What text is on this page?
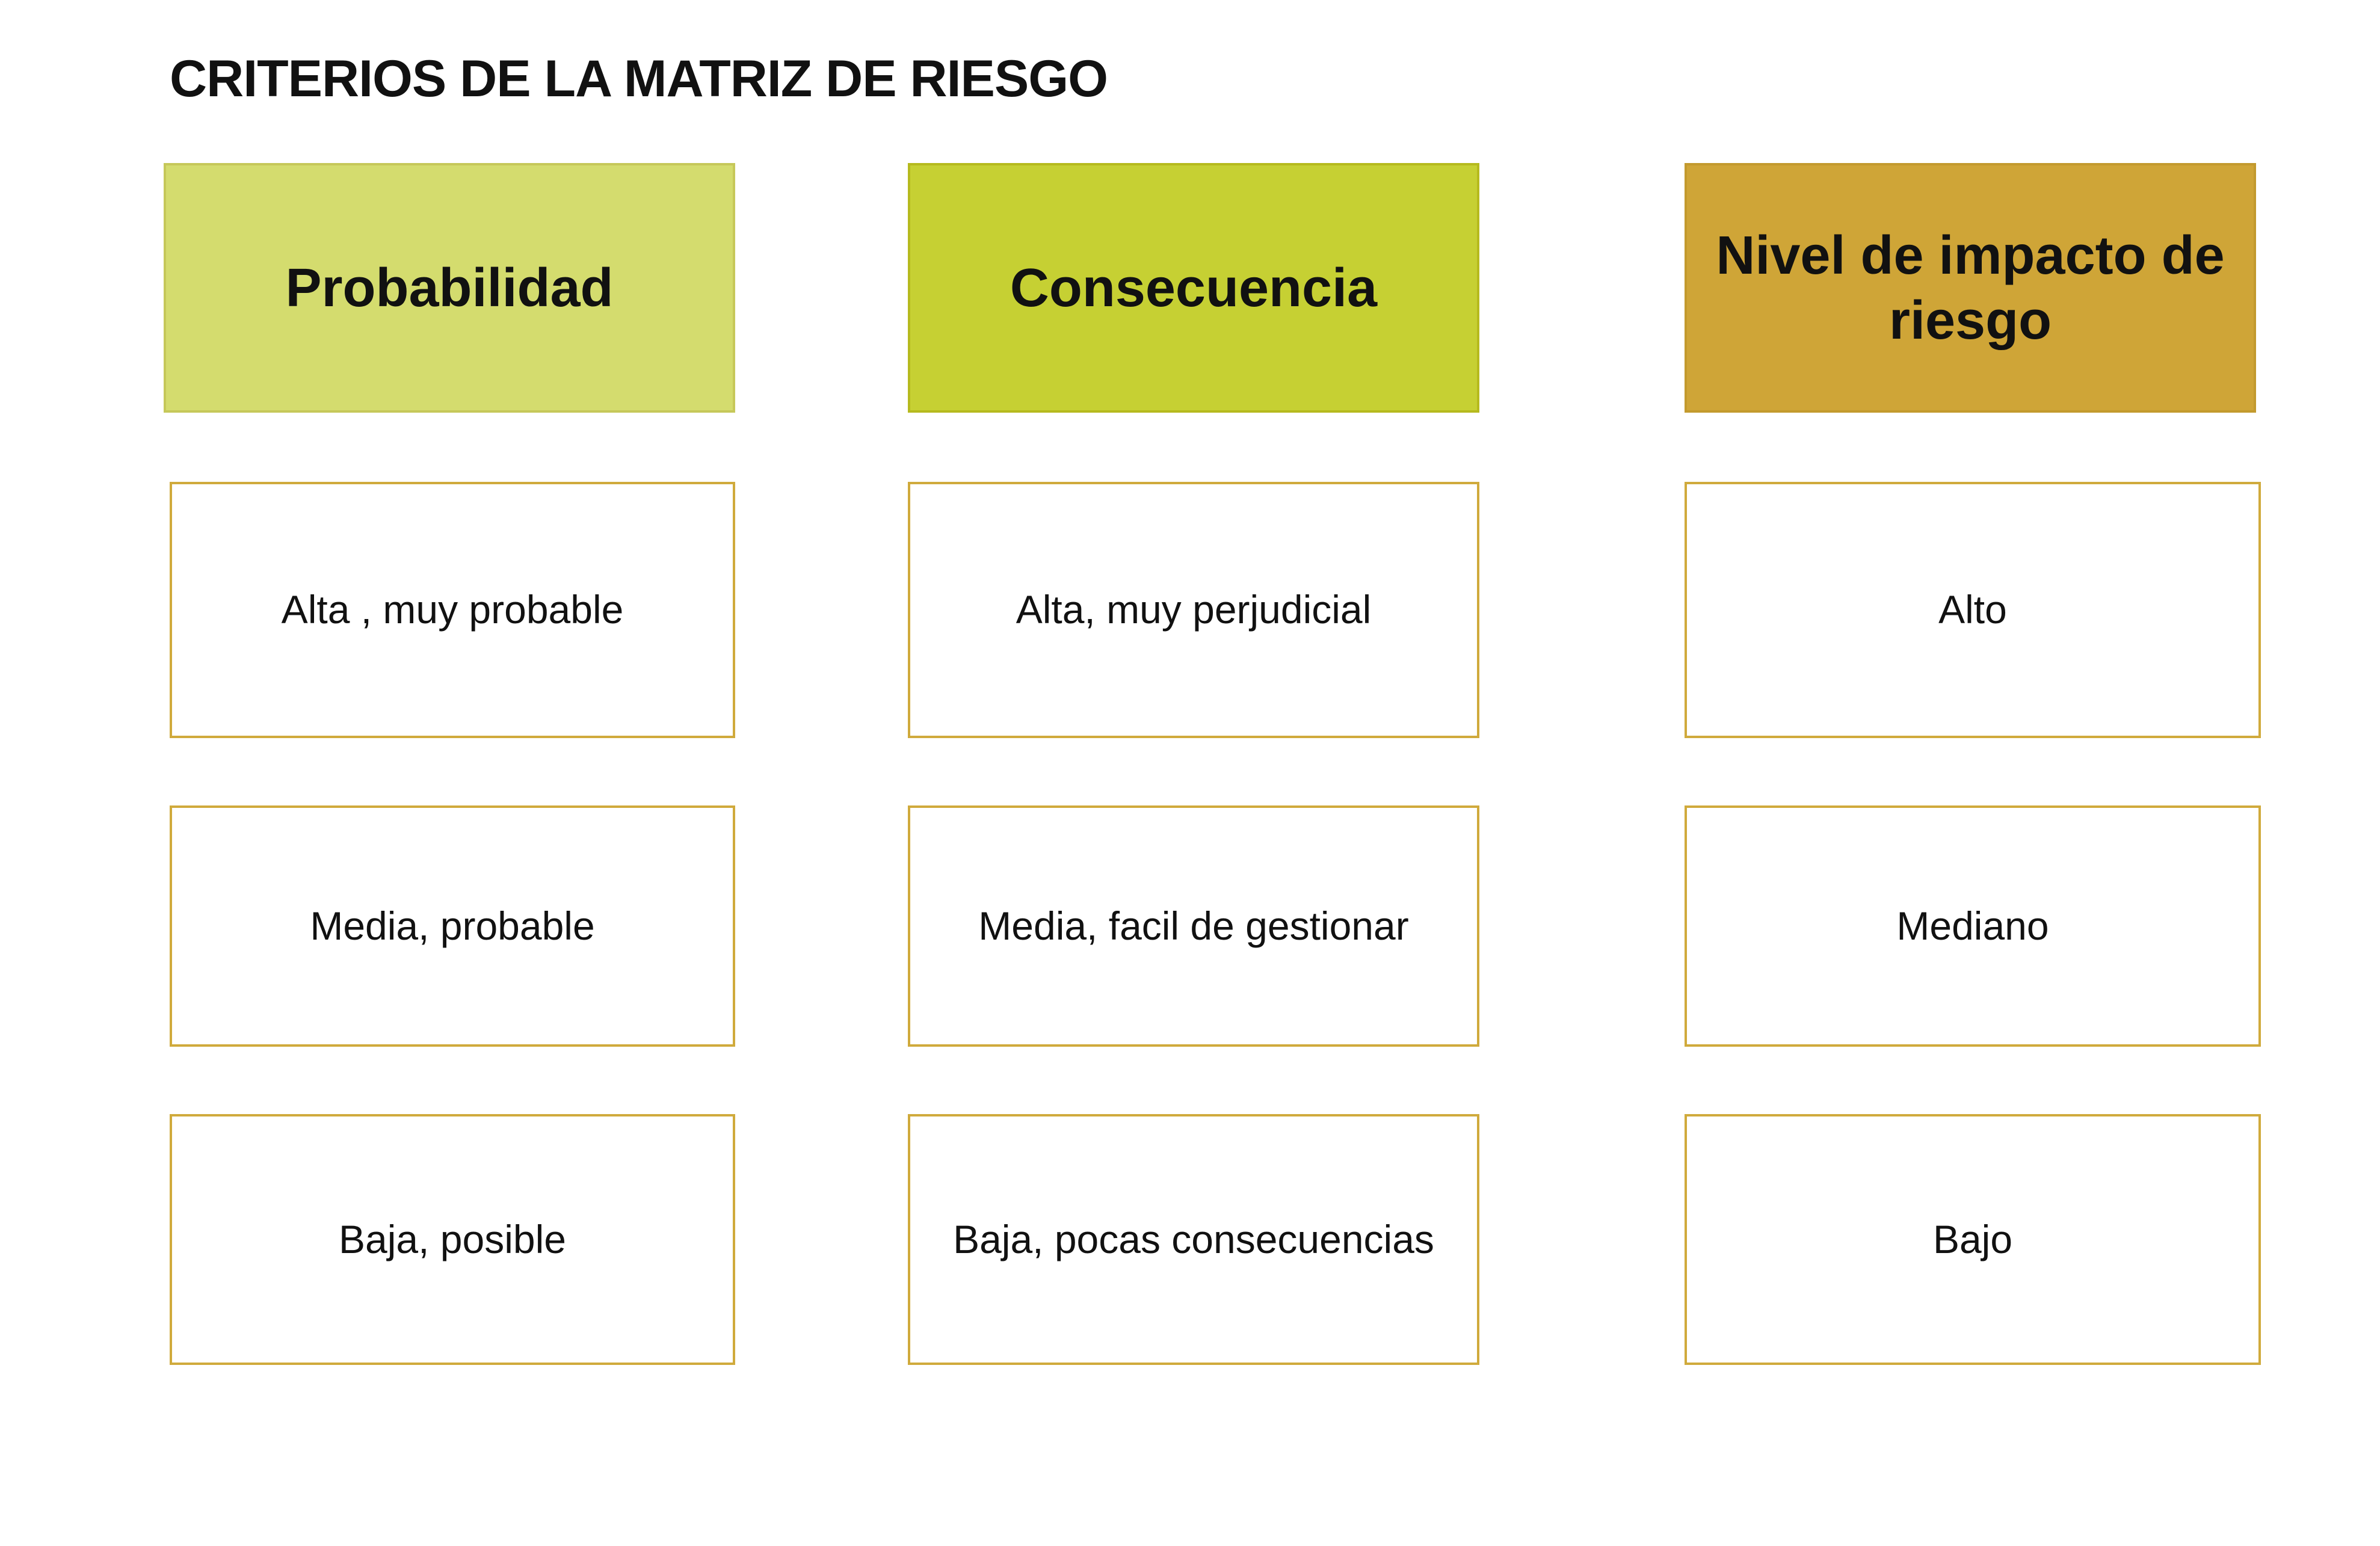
CRITERIOS DE LA MATRIZ DE RIESGO
Probabilidad	Consecuencia
Nivel de impacto de riesgo
Alta , muy probable
Media, probable
Baja, posible
Alta, muy perjudicial
Media, facil de gestionar
Baja, pocas consecuencias
Alto
Mediano
Bajo
